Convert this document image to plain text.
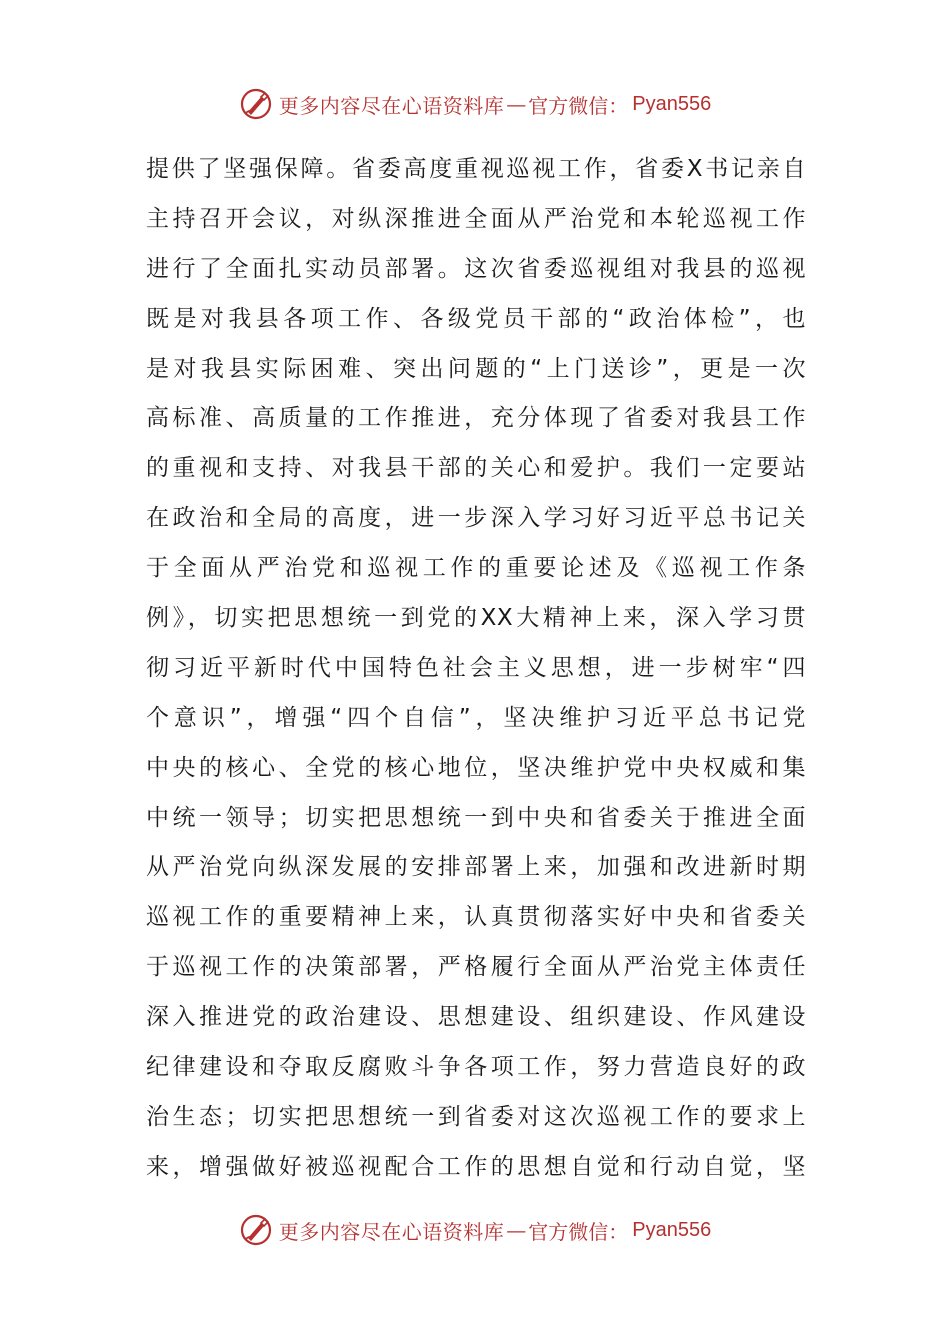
更多内容尽在心语资料库 — 官方微信： Pyan556
提供了坚强保障。省委高度重视巡视工作，省委X书记亲自
主持召开会议，对纵深推进全面从严治党和本轮巡视工作
进行了全面扎实动员部署。这次省委巡视组对我县的巡视
既是对我县各项工作、各级党员干部的“政治体检”，也
是对我县实际困难、突出问题的“上门送诊”，更是一次
高标准、高质量的工作推进，充分体现了省委对我县工作
的重视和支持、对我县干部的关心和爱护。我们一定要站
在政治和全局的高度，进一步深入学习好习近平总书记关
于全面从严治党和巡视工作的重要论述及《巡视工作条
例》，切实把思想统一到党的XX大精神上来，深入学习贯
彻习近平新时代中国特色社会主义思想，进一步树牢“四
个意识”，增强“四个自信”，坚决维护习近平总书记党
中央的核心、全党的核心地位，坚决维护党中央权威和集
中统一领导；切实把思想统一到中央和省委关于推进全面
从严治党向纵深发展的安排部署上来，加强和改进新时期
巡视工作的重要精神上来，认真贯彻落实好中央和省委关
于巡视工作的决策部署，严格履行全面从严治党主体责任
深入推进党的政治建设、思想建设、组织建设、作风建设
纪律建设和夺取反腐败斗争各项工作，努力营造良好的政
治生态；切实把思想统一到省委对这次巡视工作的要求上
来，增强做好被巡视配合工作的思想自觉和行动自觉，坚
更多内容尽在心语资料库 — 官方微信： Pyan556
